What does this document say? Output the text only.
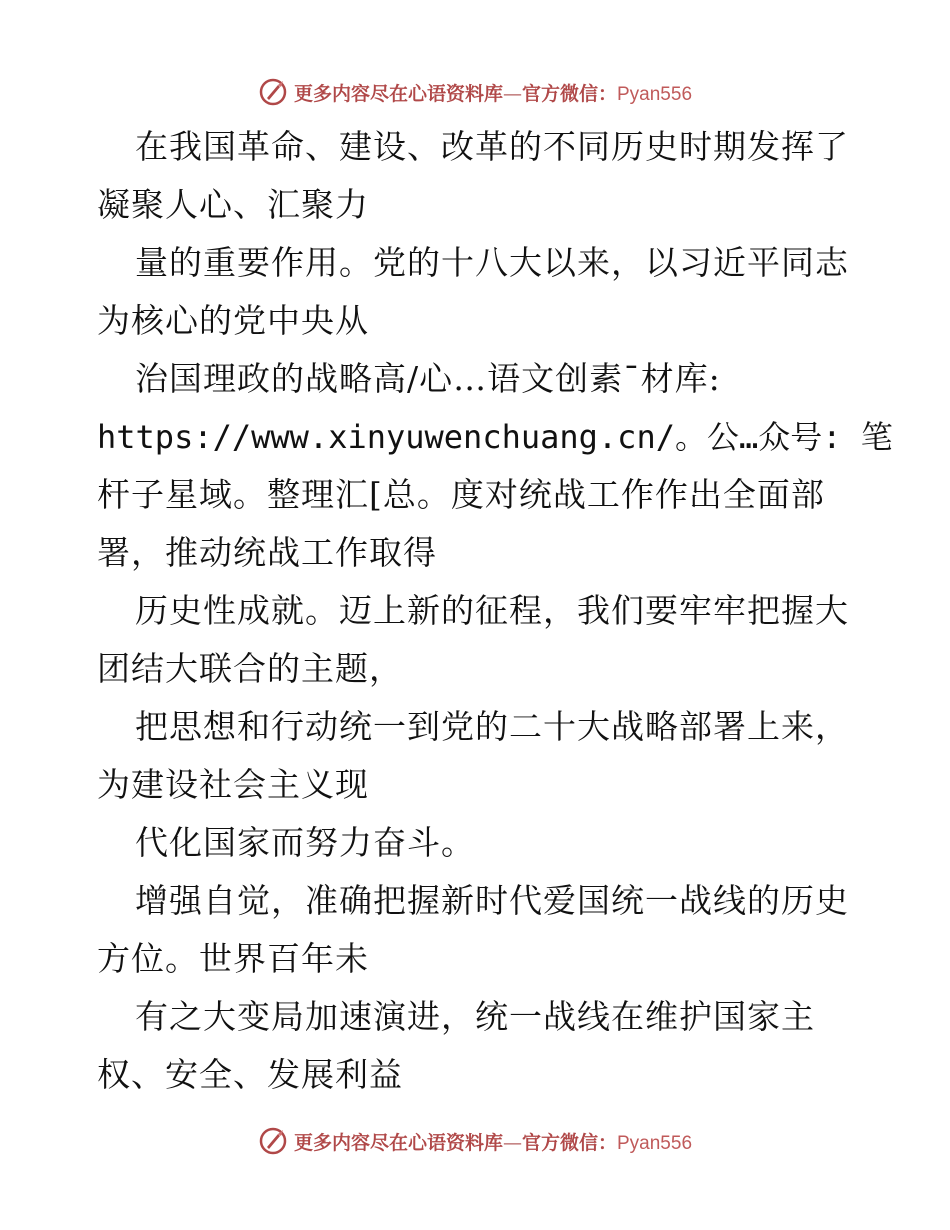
更多内容尽在心语资料库—官方微信：Pyan556
在我国革命、建设、改革的不同历史时期发挥了
凝聚人心、汇聚力
量的重要作用。党的十八大以来，以习近平同志
为核心的党中央从
治国理政的战略高/心…语文创素¯材库:
https://www.xinyuwenchuang.cn/。公…众号: 笔
杆子星域。整理汇[总。度对统战工作作出全面部
署，推动统战工作取得
历史性成就。迈上新的征程，我们要牢牢把握大
团结大联合的主题，
把思想和行动统一到党的二十大战略部署上来，
为建设社会主义现
代化国家而努力奋斗。
增强自觉，准确把握新时代爱国统一战线的历史
方位。世界百年未
有之大变局加速演进，统一战线在维护国家主
权、安全、发展利益
更多内容尽在心语资料库—官方微信：Pyan556
